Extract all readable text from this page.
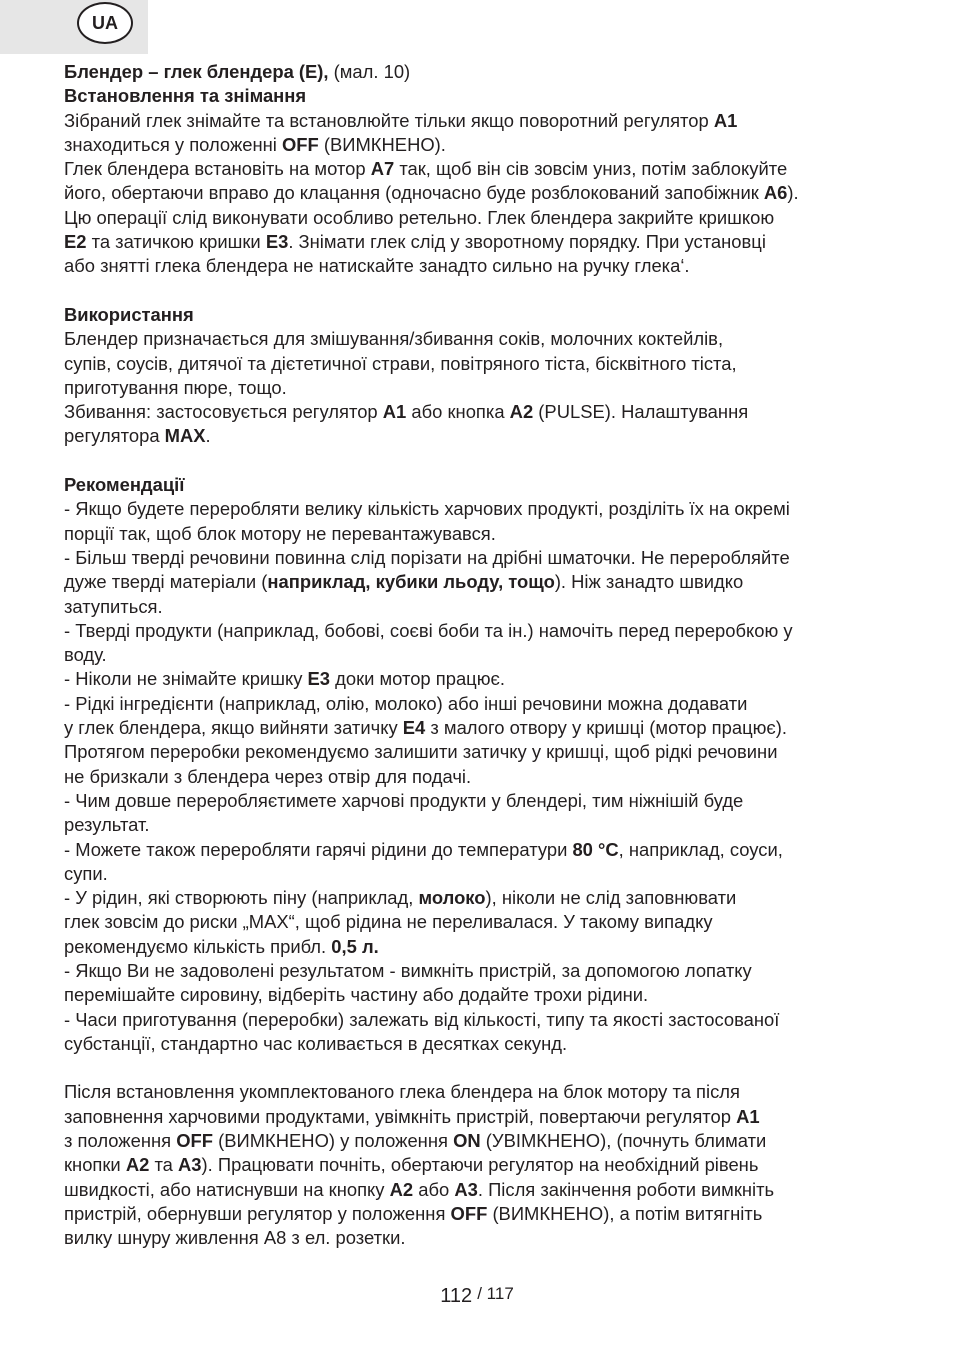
UA

Блендер – глек блендера (E), (мал. 10)

Встановлення та знімання

Зібраний глек знімайте та встановлюйте тільки якщо поворотний регулятор A1

знаходиться у положенні OFF (ВИМКНЕНО).

Глек блендера встановіть на мотор A7 так, щоб він сів зовсім униз, потім заблокуйте

його, обертаючи вправо до клацання (одночасно буде розблокований запобіжник A6).

Цю операції слід виконувати особливо ретельно. Глек блендера закрийте кришкою

E2 та затичкою кришки E3. Знімати глек слід у зворотному порядку. При установці

або знятті глека блендера не натискайте занадто сильно на ручку глека‘.

Використання

Блендер призначається для змішування/збивання соків, молочних коктейлів,

супів, соусів, дитячої та дієтетичної страви, повітряного тіста, бісквітного тіста,

приготування пюре, тощо.

Збивання: застосовується регулятор A1 або кнопка A2 (PULSE). Налаштування

регулятора MAX.

Рекомендації

- Якщо будете переробляти велику кількість харчових продукті, розділіть їх на окремі

порції так, щоб блок мотору не перевантажувався.

- Більш тверді речовини повинна слід порізати на дрібні шматочки. Не переробляйте

дуже тверді матеріали (наприклад, кубики льоду, тощо). Ніж занадто швидко

затупиться.

- Тверді продукти (наприклад, бобові, соєві боби та ін.) намочіть перед переробкою у

воду.

- Ніколи не знімайте кришку E3 доки мотор працює.

- Рідкі інгредієнти (наприклад, олію, молоко) або інші речовини можна додавати

у глек блендера, якщо вийняти затичку E4 з малого отвору у кришці (мотор працює).

Протягом переробки рекомендуємо залишити затичку у кришці, щоб рідкі речовини

не бризкали з блендера через отвір для подачі.

- Чим довше переробляєтимете харчові продукти у блендері, тим ніжнішій буде

результат.

- Можете також переробляти гарячі рідини до температури 80 °C, наприклад, соуси,

супи.

- У рідин, які створюють піну (наприклад, молоко), ніколи не слід заповнювати

глек зовсім до риски „MAX“, щоб рідина не переливалася. У такому випадку

рекомендуємо кількість прибл. 0,5 л.

- Якщо Ви не задоволені результатом - вимкніть пристрій, за допомогою лопатку

перемішайте сировину, відберіть частину або додайте трохи рідини.

- Часи приготування (переробки) залежать від кількості, типу та якості застосованої

субстанції, стандартно час коливається в десятках секунд.

Після встановлення укомплектованого глека блендера на блок мотору та після

заповнення харчовими продуктами, увімкніть пристрій, повертаючи регулятор A1

з положення OFF (ВИМКНЕНО) у положення ON (УВІМКНЕНО), (почнуть блимати

кнопки A2 та A3). Працювати почніть, обертаючи регулятор на необхідний рівень

швидкості, або натиснувши на кнопку A2 або A3. Після закінчення роботи вимкніть

пристрій, обернувши регулятор у положення OFF (ВИМКНЕНО), а потім витягніть

вилку шнуру живлення A8 з ел. розетки.

112 / 117
